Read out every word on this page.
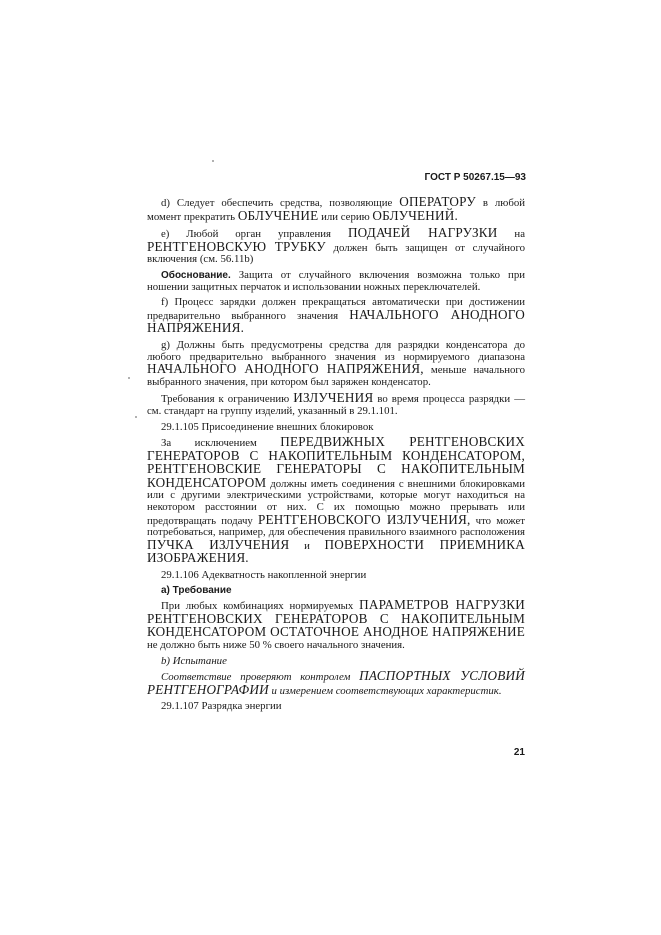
ГОСТ Р 50267.15—93

d) Следует обеспечить средства, позволяющие ОПЕРАТОРУ в любой момент прекратить ОБЛУЧЕНИЕ или серию ОБЛУЧЕНИЙ.

е) Любой орган управления ПОДАЧЕЙ НАГРУЗКИ на РЕНТГЕНОВСКУЮ ТРУБКУ должен быть защищен от случайного включения (см. 56.11b)

Обоснование. Защита от случайного включения возможна только при ношении защитных перчаток и использовании ножных переключателей.

f) Процесс зарядки должен прекращаться автоматически при достижении предварительно выбранного значения НАЧАЛЬНОГО АНОДНОГО НАПРЯЖЕНИЯ.

g) Должны быть предусмотрены средства для разрядки конденсатора до любого предварительно выбранного значения из нормируемого диапазона НАЧАЛЬНОГО АНОДНОГО НАПРЯЖЕНИЯ, меньше начального выбранного значения, при котором был заряжен конденсатор.

Требования к ограничению ИЗЛУЧЕНИЯ во время процесса разрядки — см. стандарт на группу изделий, указанный в 29.1.101.

29.1.105 Присоединение внешних блокировок

За исключением ПЕРЕДВИЖНЫХ РЕНТГЕНОВСКИХ ГЕНЕРАТОРОВ С НАКОПИТЕЛЬНЫМ КОНДЕНСАТОРОМ, РЕНТГЕНОВСКИЕ ГЕНЕРАТОРЫ С НАКОПИТЕЛЬНЫМ КОНДЕНСАТОРОМ должны иметь соединения с внешними блокировками или с другими электрическими устройствами, которые могут находиться на некотором расстоянии от них. С их помощью можно прерывать или предотвращать подачу РЕНТГЕНОВСКОГО ИЗЛУЧЕНИЯ, что может потребоваться, например, для обеспечения правильного взаимного расположения ПУЧКА ИЗЛУЧЕНИЯ и ПОВЕРХНОСТИ ПРИЕМНИКА ИЗОБРАЖЕНИЯ.

29.1.106 Адекватность накопленной энергии

а) Требование

При любых комбинациях нормируемых ПАРАМЕТРОВ НАГРУЗКИ РЕНТГЕНОВСКИХ ГЕНЕРАТОРОВ С НАКОПИТЕЛЬНЫМ КОНДЕНСАТОРОМ ОСТАТОЧНОЕ АНОДНОЕ НАПРЯЖЕНИЕ не должно быть ниже 50 % своего начального значения.

b) Испытание

Соответствие проверяют контролем ПАСПОРТНЫХ УСЛОВИЙ РЕНТГЕНОГРАФИИ и измерением соответствующих характеристик.

29.1.107 Разрядка энергии

21
